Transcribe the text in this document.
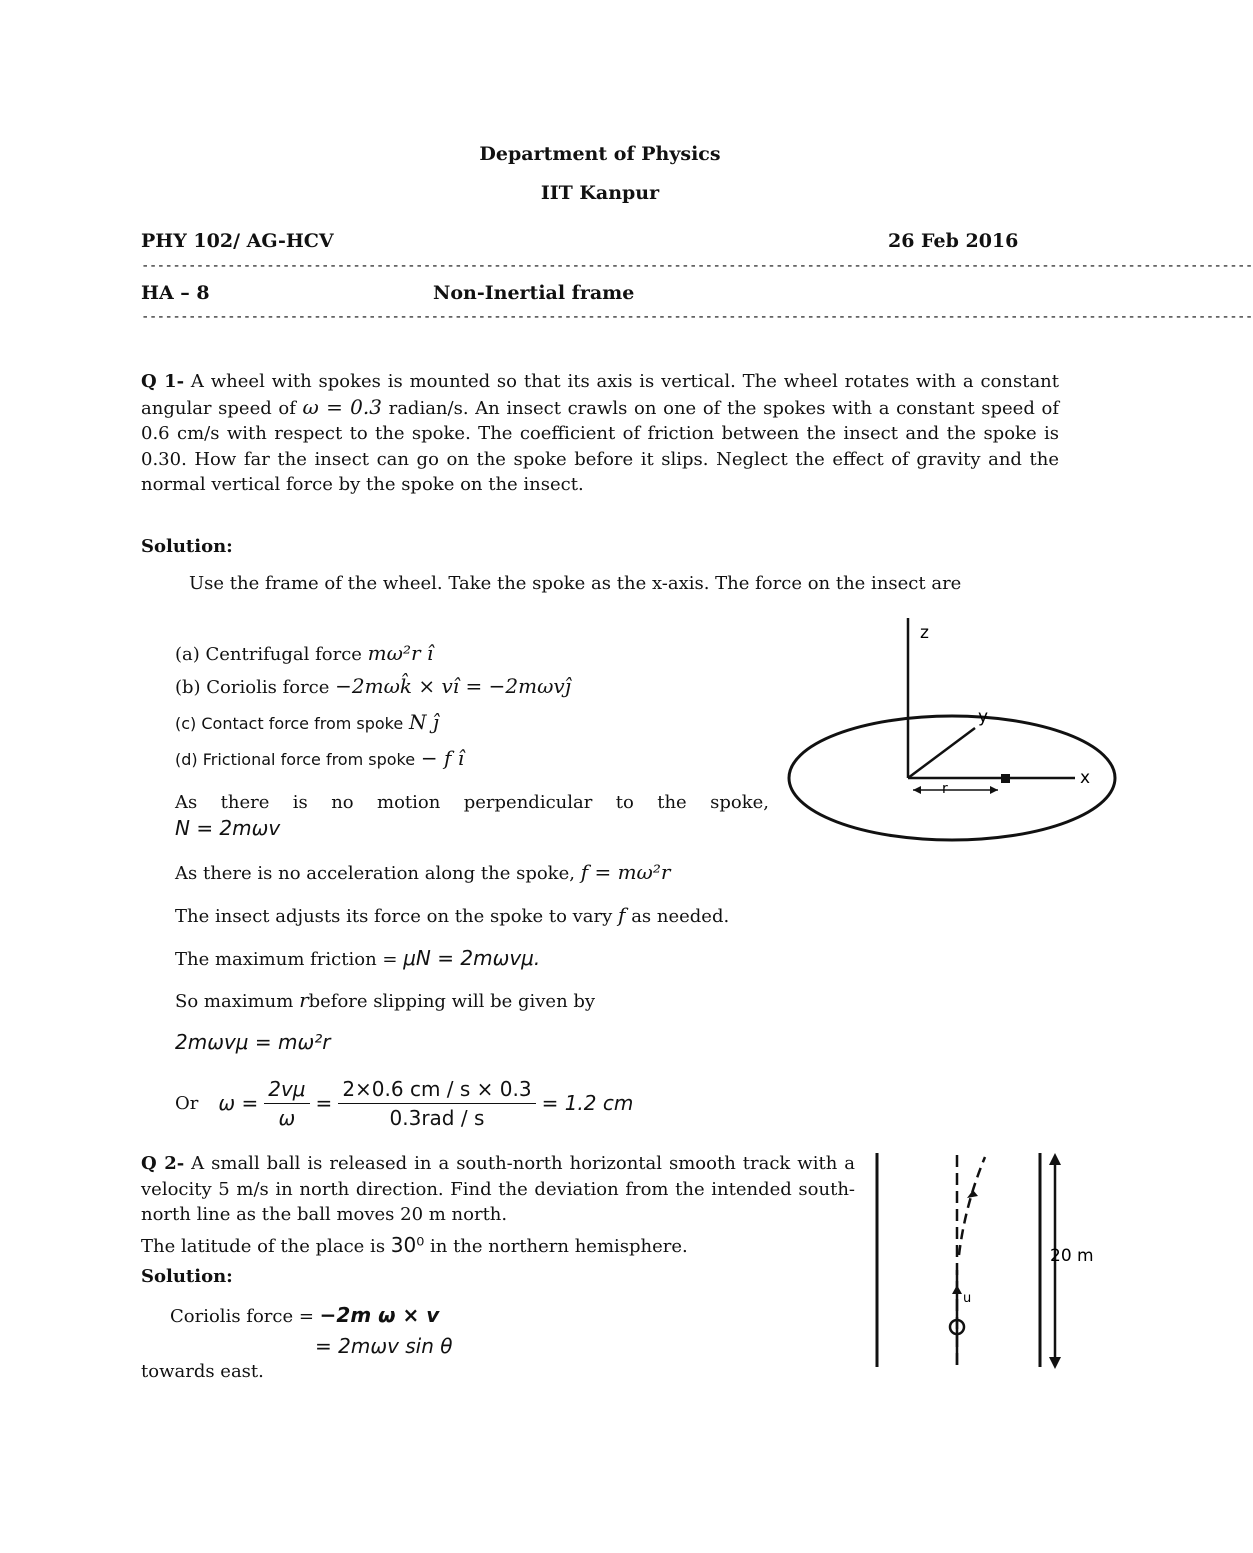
Department of Physics
IIT Kanpur
PHY 102/ AG-HCV	26 Feb 2016
----------------------------------------------------------------------------------------------------------------------------------------------
HA – 8	Non-Inertial frame
----------------------------------------------------------------------------------------------------------------------------------------------
Q 1- A wheel with spokes is mounted so that its axis is vertical. The wheel rotates with a constant angular speed of ω = 0.3 radian/s. An insect crawls on one of the spokes with a constant speed of 0.6 cm/s with respect to the spoke. The coefficient of friction between the insect and the spoke is 0.30. How far the insect can go on the spoke before it slips. Neglect the effect of gravity and the normal vertical force by the spoke on the insect.
Solution:
Use the frame of the wheel. Take the spoke as the x-axis. The force on the insect are
(a) Centrifugal force mω²r î
(b) Coriolis force −2mωk̂ × vî = −2mωvĵ
(c) Contact force from spoke N ĵ
(d) Frictional force from spoke − f î
As there is no motion perpendicular to the spoke,
N = 2mωv
As there is no acceleration along the spoke, f = mω²r
The insect adjusts its force on the spoke to vary f as needed.
The maximum friction = μN = 2mωvμ.
So maximum rbefore slipping will be given by
2mωvμ = mω²r
Or $\omega = \frac{2v\mu}{\omega} = \frac{2\times 0.6 cm / s \times 0.3}{\text{0.3rad / s}} = 1.2$ cm
z
y
x
r
Q 2- A small ball is released in a south-north horizontal smooth track with a velocity 5 m/s in north direction. Find the deviation from the intended south-north line as the ball moves 20 m north.
The latitude of the place is 30⁰ in the northern hemisphere.
Solution:
Coriolis force = −2m ω × v
= 2mωv sin θ
towards east.
20 m
u
